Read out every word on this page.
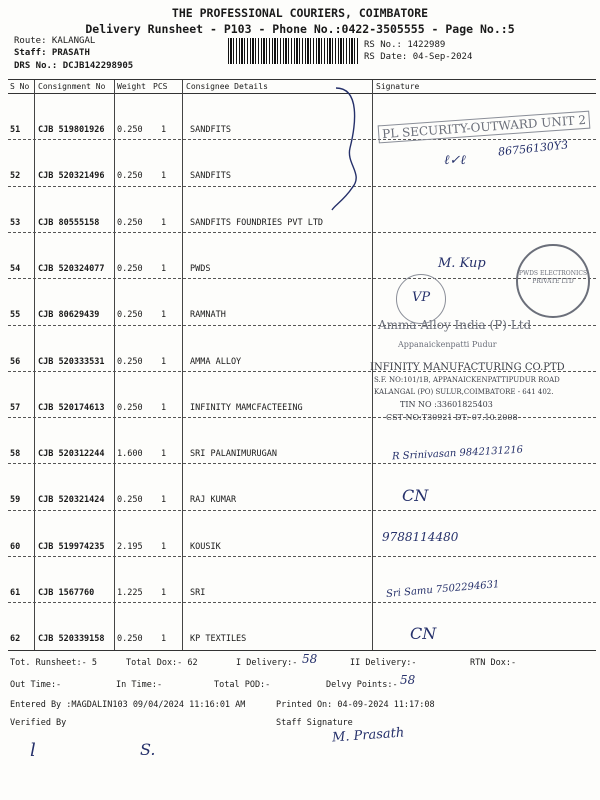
THE PROFESSIONAL COURIERS, COIMBATORE
Delivery Runsheet - P103 - Phone No.:0422-3505555 - Page No.:5
Route: KALANGAL
Staff: PRASATH
DRS No.: DCJB142298905
RS No.: 1422989
RS Date: 04-Sep-2024
S No Consignment No Weight PCS Consignee Details	Signature
51 CJB 519801926 0.250 1	SANDFITS
52 CJB 520321496 0.250 1	SANDFITS
53 CJB 80555158 0.250 1	SANDFITS FOUNDRIES PVT LTD
54 CJB 520324077 0.250 1	PWDS
55 CJB 80629439 0.250 1	RAMNATH
56 CJB 520333531 0.250 1	AMMA ALLOY
57 CJB 520174613 0.250 1	INFINITY MAMCFACTEEING
58 CJB 520312244 1.600 1	SRI PALANIMURUGAN
59 CJB 520321424 0.250 1	RAJ KUMAR
60 CJB 519974235 2.195 1	KOUSIK
61 CJB 1567760	1.225 1	SRI
62 CJB 520339158 0.250 1	KP TEXTILES
PL SECURITY-OUTWARD UNIT 2
Amma Alloy India (P) Ltd
Appanaickenpatti Pudur
INFINITY MANUFACTURING CO.PTD
S.F. NO:101/1B, APPANAICKENPATTIPUDUR ROAD
KALANGAL (PO) SULUR,COIMBATORE - 641 402.
TIN NO :33601825403
CST NO:T30921 DT: 07.10.2008
PWDS ELECTRONICS PRIVATE LTD
86756130Y3
ℓ✓ℓ
M. Kup
VP
R Srinivasan 9842131216
CN
9788114480
Sri Samu 7502294631
CN
Tot. Runsheet:- 5	Total Dox:- 62	I Delivery:- 58	II Delivery:-	RTN Dox:-
Out Time:-	In Time:-	Total POD:-	Delvy Points:- 58
Entered By :MAGDALIN103 09/04/2024 11:16:01 AM	Printed On: 04-09-2024 11:17:08
Verified By	Staff Signature
M. Prasath
S.
l
